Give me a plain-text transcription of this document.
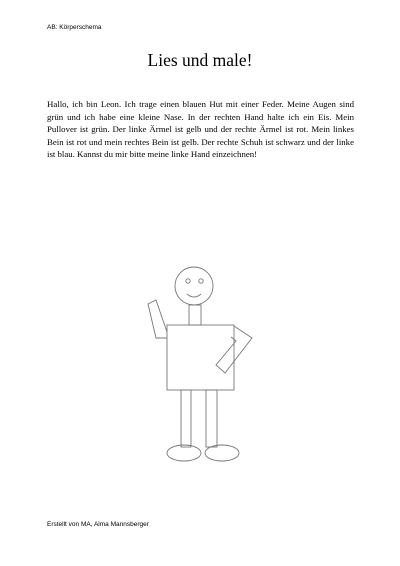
AB: Körperschema
Lies und male!

Hallo, ich bin Leon. Ich trage einen blauen Hut mit einer Feder. Meine Augen sind grün und ich habe eine kleine Nase. In der rechten Hand halte ich ein Eis. Mein Pullover ist grün. Der linke Ärmel ist gelb und der rechte Ärmel ist rot. Mein linkes Bein ist rot und mein rechtes Bein ist gelb. Der rechte Schuh ist schwarz und der linke ist blau. Kannst du mir bitte meine linke Hand einzeichnen!

Erstellt von MA, Alma Mannsberger
